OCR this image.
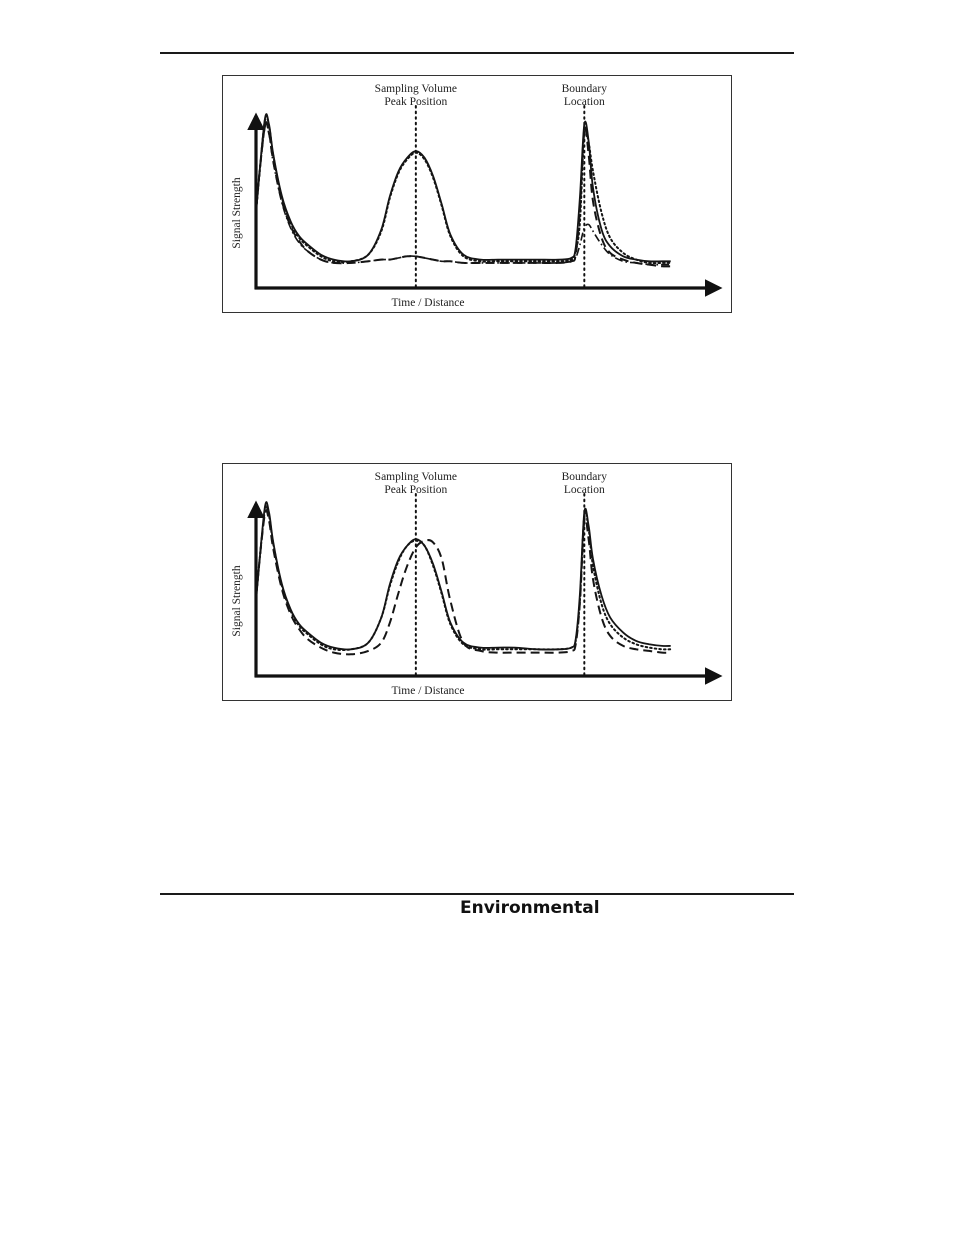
Sampling Volume
Peak Position
Boundary
Location
Time / Distance
Signal Strength
Sampling Volume
Peak Position
Boundary
Location
Time / Distance
Signal Strength
Environmental
